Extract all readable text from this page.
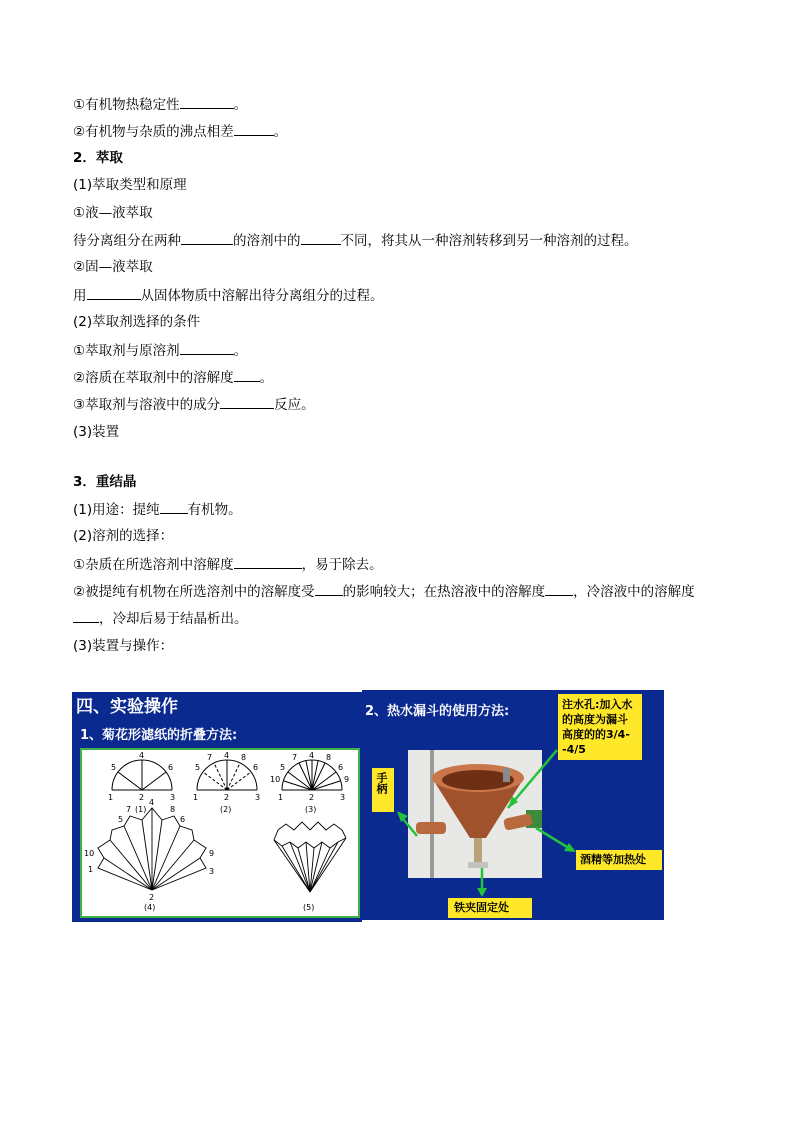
①有机物热稳定性	。
②有机物与杂质的沸点相差	。
2．萃取
(1)萃取类型和原理
①液—液萃取
待分离组分在两种	的溶剂中的	不同，将其从一种溶剂转移到另一种溶剂的过程。
②固—液萃取
用	从固体物质中溶解出待分离组分的过程。
(2)萃取剂选择的条件
①萃取剂与原溶剂	。
②溶质在萃取剂中的溶解度 。
③萃取剂与溶液中的成分	反应。
(3)装置
3．重结晶
(1)用途：提纯 有机物。
(2)溶剂的选择：
①杂质在所选溶剂中溶解度	，易于除去。
②被提纯有机物在所选溶剂中的溶解度受 的影响较大；在热溶液中的溶解度 ，冷溶液中的溶解度
，冷却后易于结晶析出。
(3)装置与操作：
四、实验操作
1、菊花形滤纸的折叠方法:
1	2	3
4
5	6
(1)
1	2	3
4
5	6
7	8
(2)
1	2	3
4
5	6
7	8
9
10
(3)
1
2
3
4
5	6
7	8
9
10
(4)	(5)
2、热水漏斗的使用方法:	注水孔:加入水的高度为漏斗高度的的3/4--4/5
手柄
酒精等加热处
铁夹固定处
